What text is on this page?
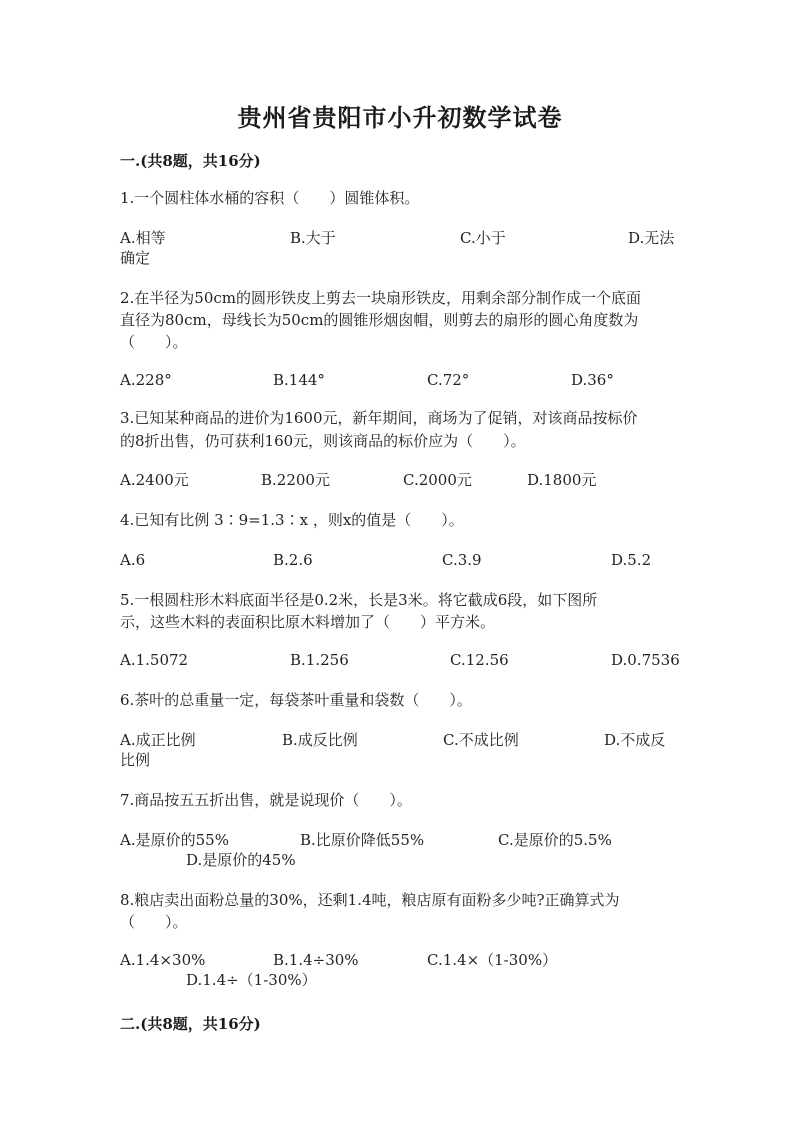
贵州省贵阳市小升初数学试卷
一.(共8题，共16分)
1.一个圆柱体水桶的容积（　　）圆锥体积。
A.相等	B.大于	C.小于	D.无法
确定
2.在半径为50cm的圆形铁皮上剪去一块扇形铁皮，用剩余部分制作成一个底面
直径为80cm，母线长为50cm的圆锥形烟囱帽，则剪去的扇形的圆心角度数为
（　　）。
A.228°	B.144°	C.72°	D.36°
3.已知某种商品的进价为1600元，新年期间，商场为了促销，对该商品按标价
的8折出售，仍可获利160元，则该商品的标价应为（　　）。
A.2400元	B.2200元	C.2000元	D.1800元
4.已知有比例 3∶9=1.3∶x ，则x的值是（　　）。
A.6	B.2.6	C.3.9	D.5.2
5.一根圆柱形木料底面半径是0.2米，长是3米。将它截成6段，如下图所
示，这些木料的表面积比原木料增加了（　　）平方米。
A.1.5072	B.1.256	C.12.56	D.0.7536
6.茶叶的总重量一定，每袋茶叶重量和袋数（　　）。
A.成正比例	B.成反比例	C.不成比例	D.不成反
比例
7.商品按五五折出售，就是说现价（　　）。
A.是原价的55%	B.比原价降低55%	C.是原价的5.5%
D.是原价的45%
8.粮店卖出面粉总量的30%，还剩1.4吨，粮店原有面粉多少吨?正确算式为
（　　）。
A.1.4×30%	B.1.4÷30%	C.1.4×（1-30%）
D.1.4÷（1-30%）
二.(共8题，共16分)
